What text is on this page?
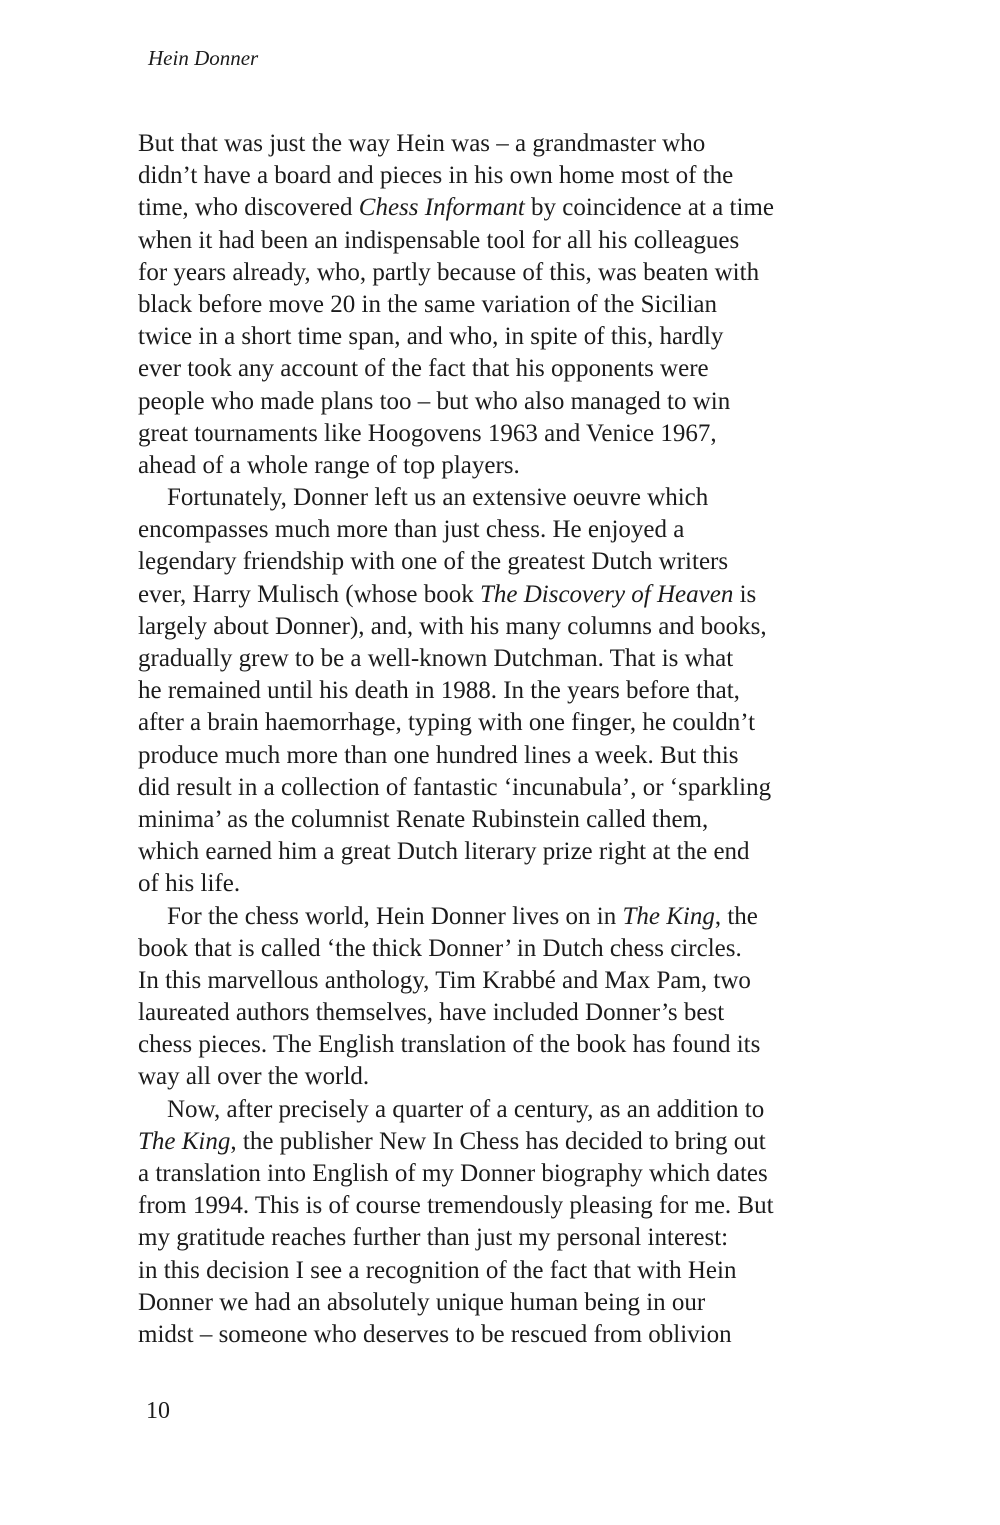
Hein Donner
But that was just the way Hein was – a grandmaster who
didn’t have a board and pieces in his own home most of the
time, who discovered Chess Informant by coincidence at a time
when it had been an indispensable tool for all his colleagues
for years already, who, partly because of this, was beaten with
black before move 20 in the same variation of the Sicilian
twice in a short time span, and who, in spite of this, hardly
ever took any account of the fact that his opponents were
people who made plans too – but who also managed to win
great tournaments like Hoogovens 1963 and Venice 1967,
ahead of a whole range of top players.
Fortunately, Donner left us an extensive oeuvre which
encompasses much more than just chess. He enjoyed a
legendary friendship with one of the greatest Dutch writers
ever, Harry Mulisch (whose book The Discovery of Heaven is
largely about Donner), and, with his many columns and books,
gradually grew to be a well-known Dutchman. That is what
he remained until his death in 1988. In the years before that,
after a brain haemorrhage, typing with one finger, he couldn’t
produce much more than one hundred lines a week. But this
did result in a collection of fantastic ‘incunabula’, or ‘sparkling
minima’ as the columnist Renate Rubinstein called them,
which earned him a great Dutch literary prize right at the end
of his life.
For the chess world, Hein Donner lives on in The King, the
book that is called ‘the thick Donner’ in Dutch chess circles.
In this marvellous anthology, Tim Krabbé and Max Pam, two
laureated authors themselves, have included Donner’s best
chess pieces. The English translation of the book has found its
way all over the world.
Now, after precisely a quarter of a century, as an addition to
The King, the publisher New In Chess has decided to bring out
a translation into English of my Donner biography which dates
from 1994. This is of course tremendously pleasing for me. But
my gratitude reaches further than just my personal interest:
in this decision I see a recognition of the fact that with Hein
Donner we had an absolutely unique human being in our
midst – someone who deserves to be rescued from oblivion
10
